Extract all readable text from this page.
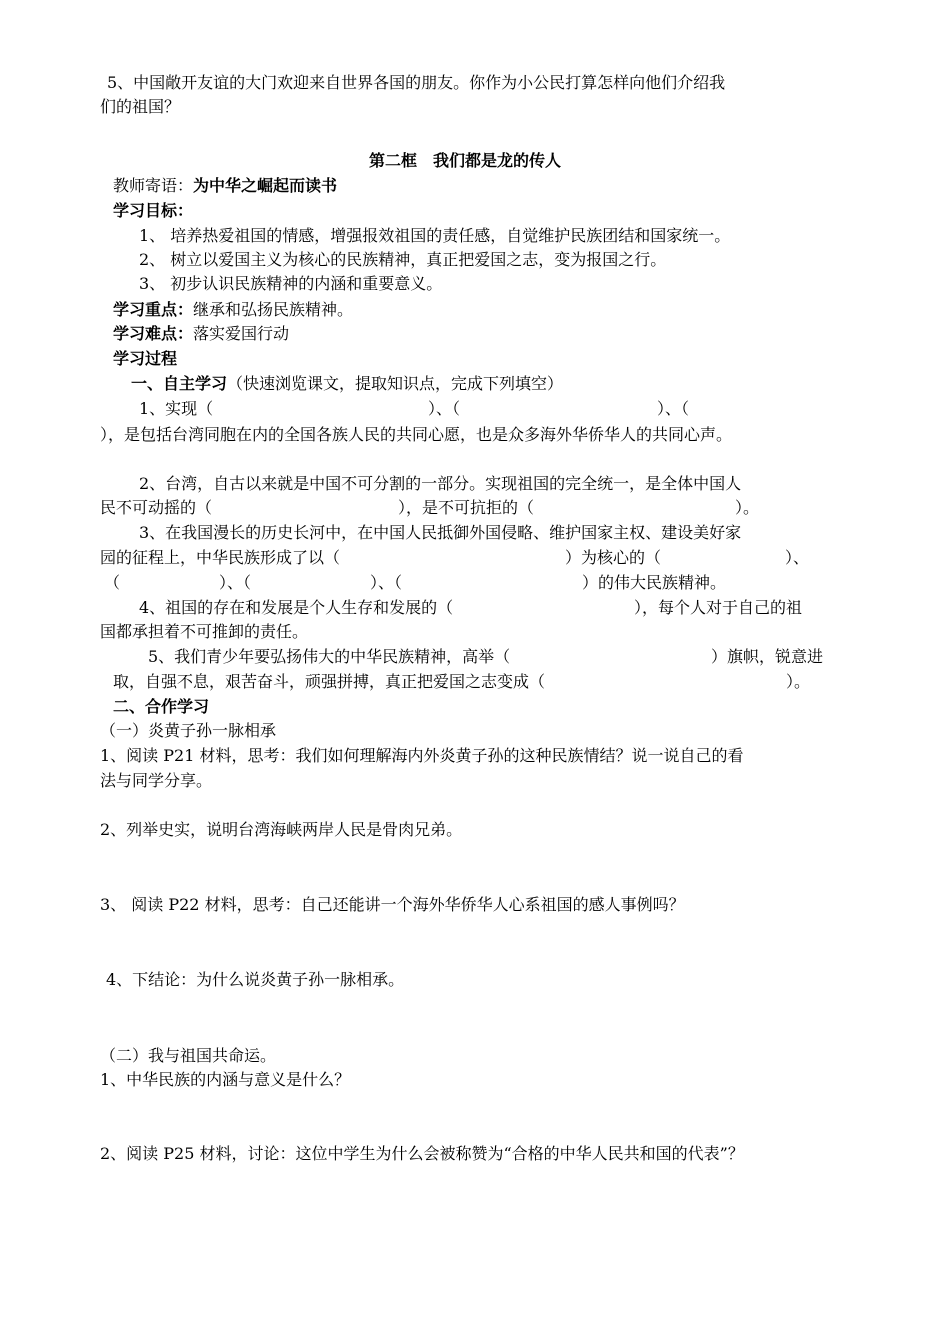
5、中国敞开友谊的大门欢迎来自世界各国的朋友。你作为小公民打算怎样向他们介绍我
们的祖国？
第二框　我们都是龙的传人
教师寄语：为中华之崛起而读书
学习目标：
1、 培养热爱祖国的情感，增强报效祖国的责任感，自觉维护民族团结和国家统一。
2、 树立以爱国主义为核心的民族精神，真正把爱国之志，变为报国之行。
3、 初步认识民族精神的内涵和重要意义。
学习重点：继承和弘扬民族精神。
学习难点：落实爱国行动
学习过程
一、自主学习（快速浏览课文，提取知识点，完成下列填空）
1、实现（	）、（	）、（
），是包括台湾同胞在内的全国各族人民的共同心愿，也是众多海外华侨华人的共同心声。
2、台湾，自古以来就是中国不可分割的一部分。实现祖国的完全统一，是全体中国人
民不可动摇的（	），是不可抗拒的（	）。
3、在我国漫长的历史长河中，在中国人民抵御外国侵略、维护国家主权、建设美好家
园的征程上，中华民族形成了以（	）为核心的（	）、
（	）、（	）、（	）的伟大民族精神。
4、祖国的存在和发展是个人生存和发展的（	），每个人对于自己的祖
国都承担着不可推卸的责任。
5、我们青少年要弘扬伟大的中华民族精神，高举（	）旗帜，锐意进
取，自强不息，艰苦奋斗，顽强拼搏，真正把爱国之志变成（	）。
二、合作学习
（一）炎黄子孙一脉相承
1、阅读 P21 材料，思考：我们如何理解海内外炎黄子孙的这种民族情结？说一说自己的看
法与同学分享。
2、列举史实，说明台湾海峡两岸人民是骨肉兄弟。
3、 阅读 P22 材料，思考：自己还能讲一个海外华侨华人心系祖国的感人事例吗？
4、下结论：为什么说炎黄子孙一脉相承。
（二）我与祖国共命运。
1、中华民族的内涵与意义是什么？
2、阅读 P25 材料，讨论：这位中学生为什么会被称赞为“合格的中华人民共和国的代表”？
